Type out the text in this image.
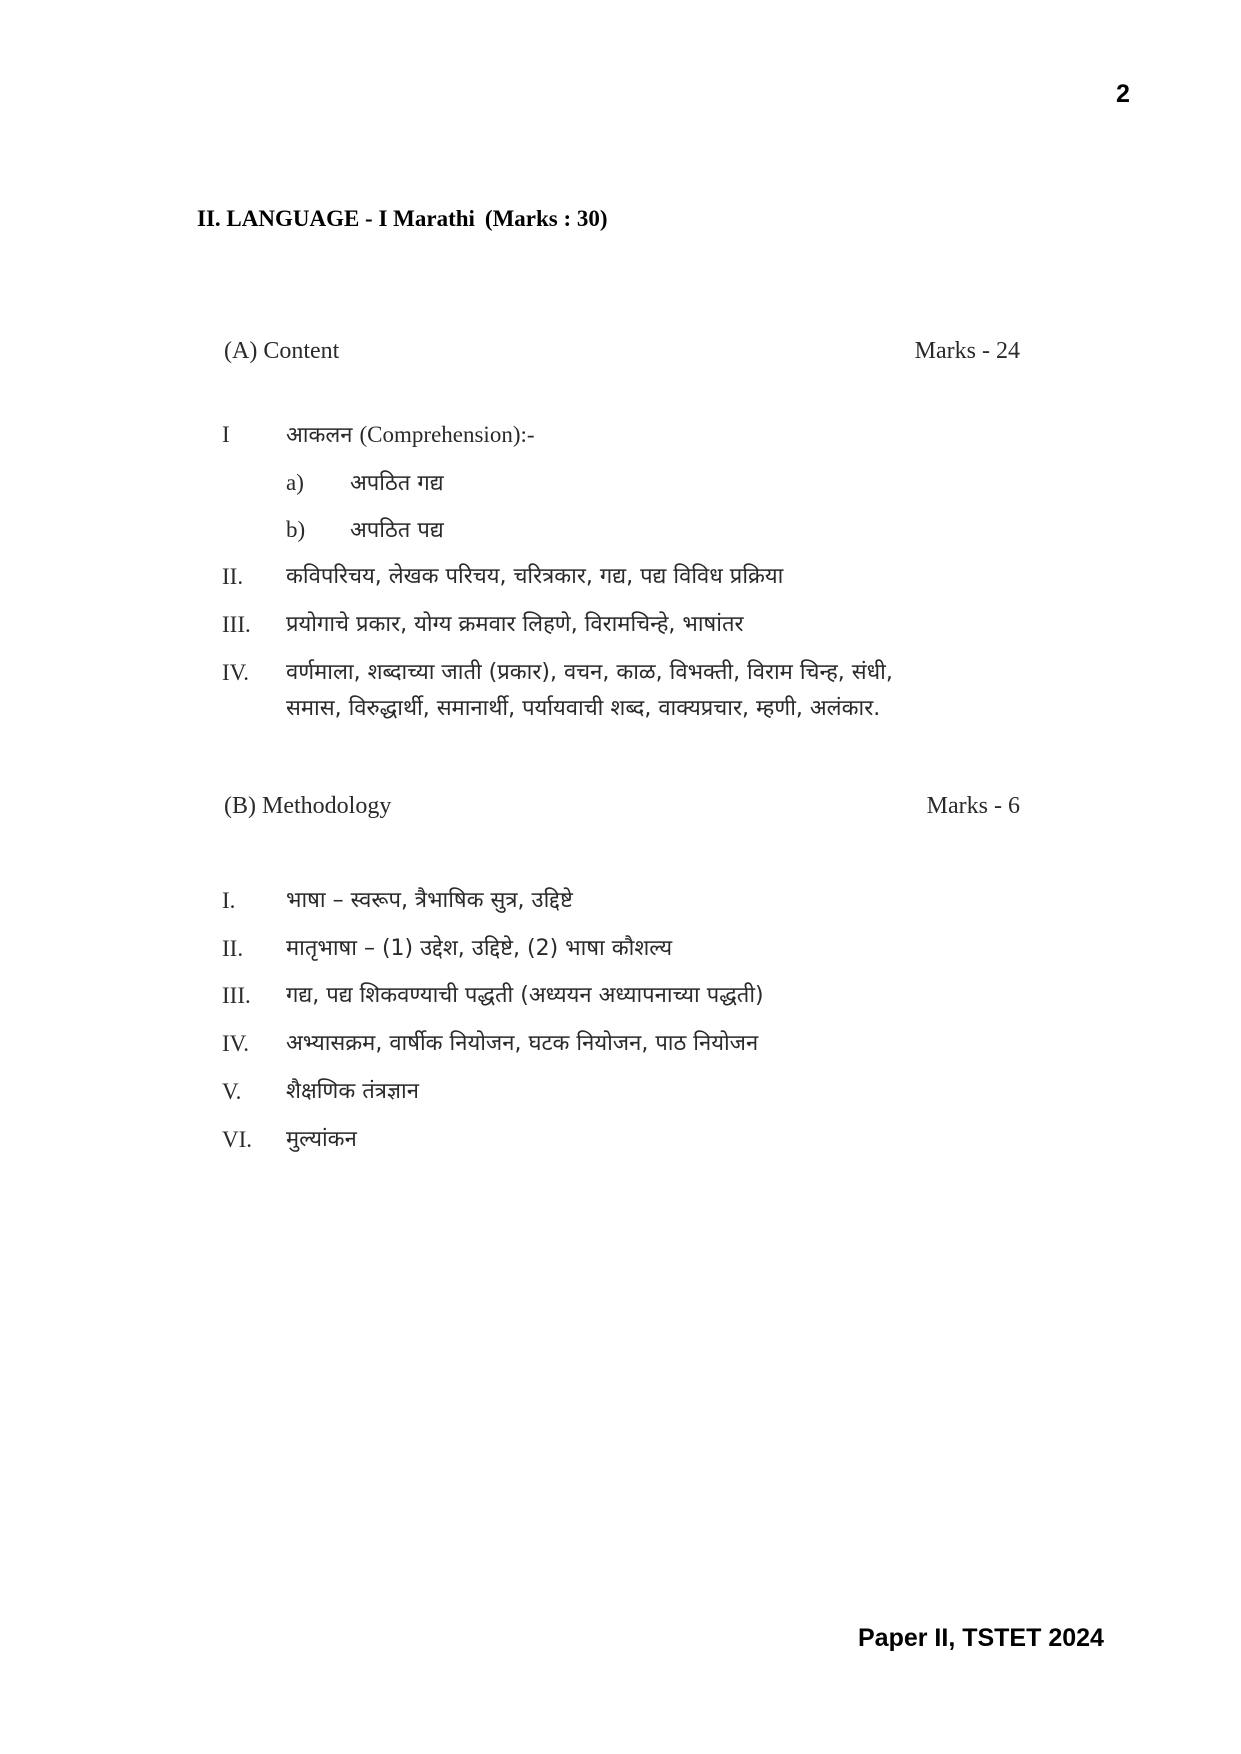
2
II. LANGUAGE - I Marathi (Marks : 30)
(A) Content	Marks - 24
I	आकलन (Comprehension):-
a) अपठित गद्य
b) अपठित पद्य
II. कविपरिचय, लेखक परिचय, चरित्रकार, गद्य, पद्य विविध प्रक्रिया
III. प्रयोगाचे प्रकार, योग्य क्रमवार लिहणे, विरामचिन्हे, भाषांतर
IV. वर्णमाला, शब्दाच्या जाती (प्रकार), वचन, काळ, विभक्ती, विराम चिन्ह, संधी,
समास, विरुद्धार्थी, समानार्थी, पर्यायवाची शब्द, वाक्यप्रचार, म्हणी, अलंकार.
(B) Methodology	Marks - 6
I. भाषा – स्वरूप, त्रैभाषिक सुत्र, उद्दिष्टे
II. मातृभाषा – (1) उद्देश, उद्दिष्टे, (2) भाषा कौशल्य
III. गद्य, पद्य शिकवण्याची पद्धती (अध्ययन अध्यापनाच्या पद्धती)
IV. अभ्यासक्रम, वार्षीक नियोजन, घटक नियोजन, पाठ नियोजन
V. शैक्षणिक तंत्रज्ञान
VI. मुल्यांकन
Paper II, TSTET 2024
